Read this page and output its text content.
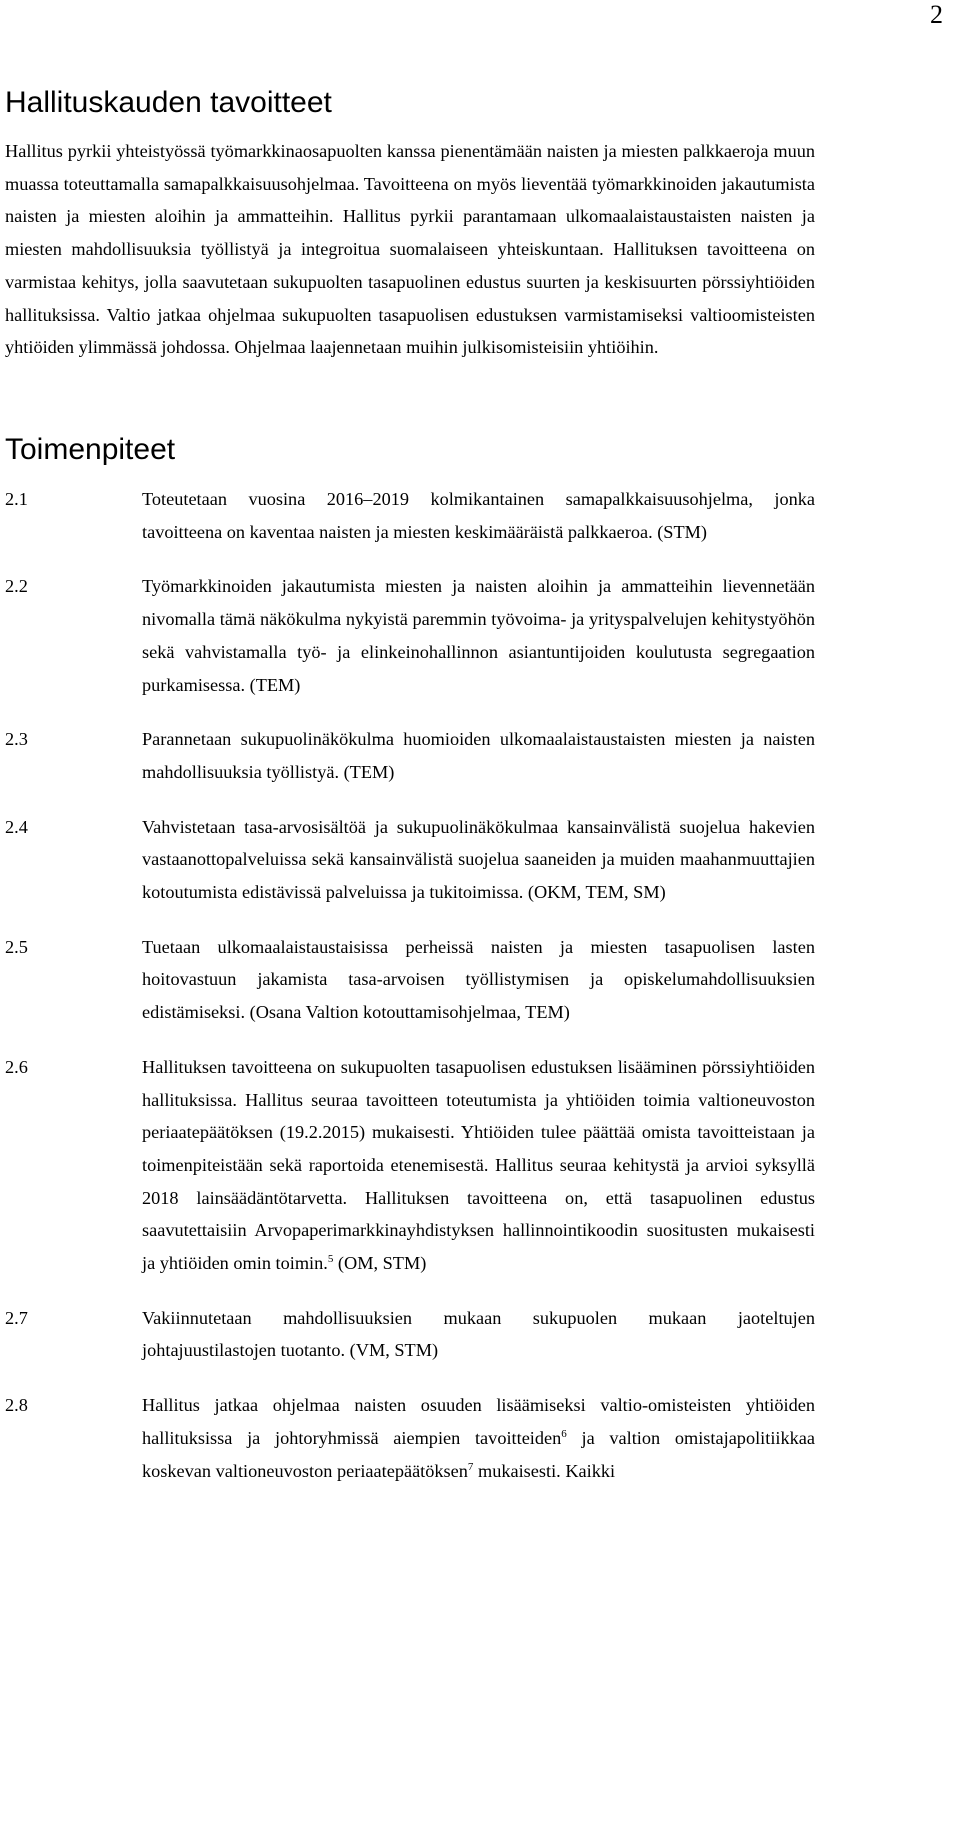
2
Hallituskauden tavoitteet

Hallitus pyrkii yhteistyössä työmarkkinaosapuolten kanssa pienentämään naisten ja miesten palkkaeroja muun muassa toteuttamalla samapalkkaisuusohjelmaa. Tavoitteena on myös lieventää työmarkkinoiden jakautumista naisten ja miesten aloihin ja ammatteihin. Hallitus pyrkii parantamaan ulkomaalaistaustaisten naisten ja miesten mahdollisuuksia työllistyä ja integroitua suomalaiseen yhteiskuntaan. Hallituksen tavoitteena on varmistaa kehitys, jolla saavutetaan sukupuolten tasapuolinen edustus suurten ja keskisuurten pörssiyhtiöiden hallituksissa. Valtio jatkaa ohjelmaa sukupuolten tasapuolisen edustuksen varmistamiseksi valtioomisteisten yhtiöiden ylimmässä johdossa. Ohjelmaa laajennetaan muihin julkisomisteisiin yhtiöihin.

Toimenpiteet
2.1	Toteutetaan vuosina 2016–2019 kolmikantainen samapalkkaisuusohjelma, jonka tavoitteena on kaventaa naisten ja miesten keskimääräistä palkkaeroa. (STM)
2.2	Työmarkkinoiden jakautumista miesten ja naisten aloihin ja ammatteihin lievennetään nivomalla tämä näkökulma nykyistä paremmin työvoima- ja yrityspalvelujen kehitystyöhön sekä vahvistamalla työ- ja elinkeinohallinnon asiantuntijoiden koulutusta segregaation purkamisessa. (TEM)
2.3	Parannetaan sukupuolinäkökulma huomioiden ulkomaalaistaustaisten miesten ja naisten mahdollisuuksia työllistyä. (TEM)
2.4	Vahvistetaan tasa-arvosisältöä ja sukupuolinäkökulmaa kansainvälistä suojelua hakevien vastaanottopalveluissa sekä kansainvälistä suojelua saaneiden ja muiden maahanmuuttajien kotoutumista edistävissä palveluissa ja tukitoimissa. (OKM, TEM, SM)
2.5	Tuetaan ulkomaalaistaustaisissa perheissä naisten ja miesten tasapuolisen lasten hoitovastuun jakamista tasa-arvoisen työllistymisen ja opiskelumahdollisuuksien edistämiseksi. (Osana Valtion kotouttamisohjelmaa, TEM)
2.6	Hallituksen tavoitteena on sukupuolten tasapuolisen edustuksen lisääminen pörssiyhtiöiden hallituksissa. Hallitus seuraa tavoitteen toteutumista ja yhtiöiden toimia valtioneuvoston periaatepäätöksen (19.2.2015) mukaisesti. Yhtiöiden tulee päättää omista tavoitteistaan ja toimenpiteistään sekä raportoida etenemisestä. Hallitus seuraa kehitystä ja arvioi syksyllä 2018 lainsäädäntötarvetta. Hallituksen tavoitteena on, että tasapuolinen edustus saavutettaisiin Arvopaperimarkkinayhdistyksen hallinnointikoodin suositusten mukaisesti ja yhtiöiden omin toimin.$^5$ (OM, STM)
2.7	Vakiinnutetaan mahdollisuuksien mukaan sukupuolen mukaan jaoteltujen johtajuustilastojen tuotanto. (VM, STM)
2.8	Hallitus jatkaa ohjelmaa naisten osuuden lisäämiseksi valtio-omisteisten yhtiöiden hallituksissa ja johtoryhmissä aiempien tavoitteiden$^6$ ja valtion omistajapolitiikkaa koskevan valtioneuvoston periaatepäätöksen$^7$ mukaisesti. Kaikki
